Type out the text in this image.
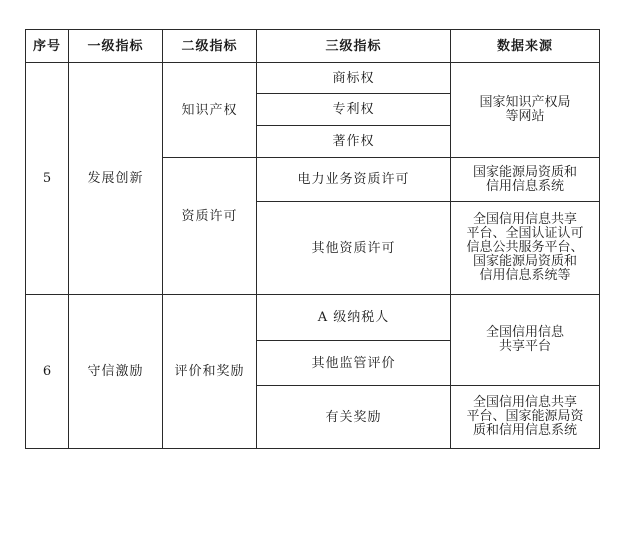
序号	一级指标	二级指标	三级指标	数据来源
5	发展创新	知识产权	商标权	国家知识产权局
等网站
			专利权	
			著作权	
		资质许可	电力业务资质许可	国家能源局资质和
信用信息系统
			其他资质许可	全国信用信息共享
平台、全国认证认可
信息公共服务平台、
国家能源局资质和
信用信息系统等
6	守信激励	评价和奖励	A 级纳税人	全国信用信息
共享平台
			其他监管评价	
			有关奖励	全国信用信息共享
平台、国家能源局资
质和信用信息系统
